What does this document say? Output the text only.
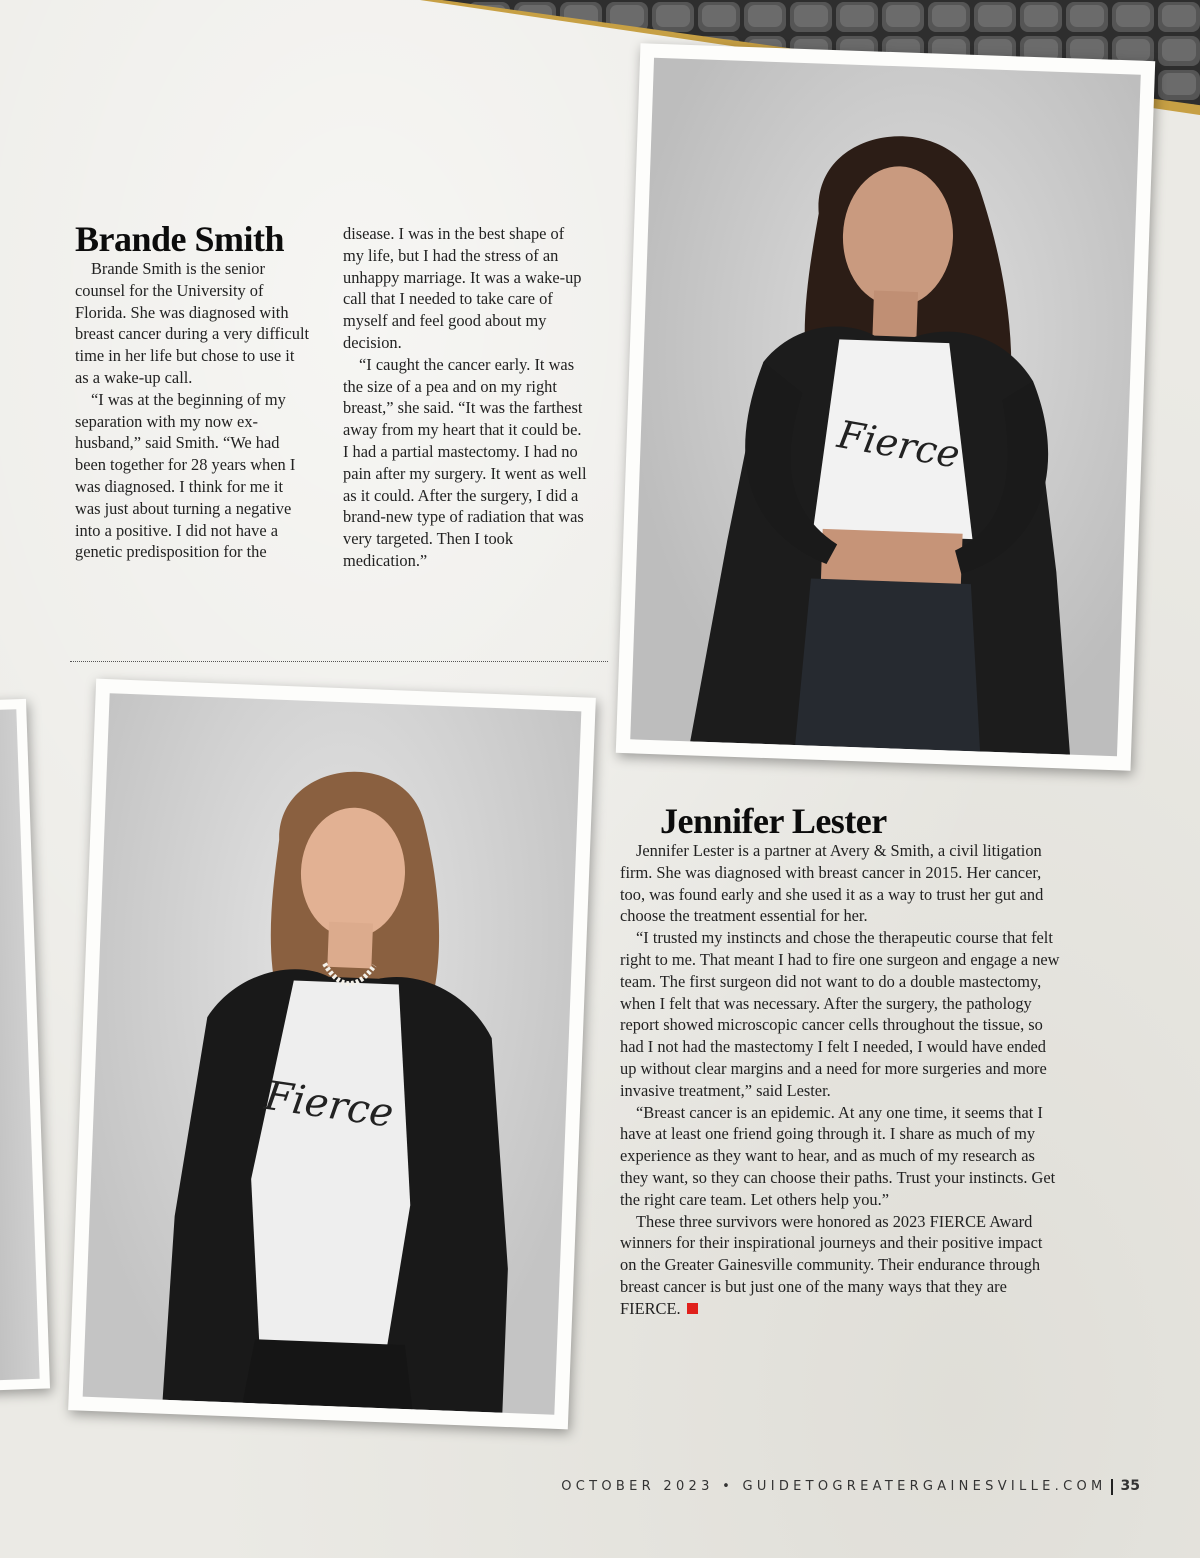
Brande Smith

Brande Smith is the senior counsel for the University of Florida. She was diagnosed with breast cancer during a very difficult time in her life but chose to use it as a wake-up call.

“I was at the beginning of my separation with my now ex-husband,” said Smith. “We had been together for 28 years when I was diagnosed. I think for me it was just about turning a negative into a positive. I did not have a genetic predisposition for the

disease. I was in the best shape of my life, but I had the stress of an unhappy marriage. It was a wake-up call that I needed to take care of myself and feel good about my decision.

“I caught the cancer early. It was the size of a pea and on my right breast,” she said. “It was the farthest away from my heart that it could be. I had a partial mastectomy. I had no pain after my surgery. It went as well as it could. After the surgery, I did a brand-new type of radiation that was very targeted. Then I took medication.”

Fierce
Fierce
Jennifer Lester

Jennifer Lester is a partner at Avery & Smith, a civil litigation firm. She was diagnosed with breast cancer in 2015. Her cancer, too, was found early and she used it as a way to trust her gut and choose the treatment essential for her.

“I trusted my instincts and chose the therapeutic course that felt right to me. That meant I had to fire one surgeon and engage a new team. The first surgeon did not want to do a double mastectomy, when I felt that was necessary. After the surgery, the pathology report showed microscopic cancer cells throughout the tissue, so had I not had the mastectomy I felt I needed, I would have ended up without clear margins and a need for more surgeries and more invasive treatment,” said Lester.

“Breast cancer is an epidemic. At any one time, it seems that I have at least one friend going through it. I share as much of my experience as they want to hear, and as much of my research as they want, so they can choose their paths. Trust your instincts. Get the right care team. Let others help you.”

These three survivors were honored as 2023 FIERCE Award winners for their inspirational journeys and their positive impact on the Greater Gainesville community. Their endurance through breast cancer is but just one of the many ways that they are FIERCE.

OCTOBER 2023 • GUIDETOGREATERGAINESVILLE.COM 35
